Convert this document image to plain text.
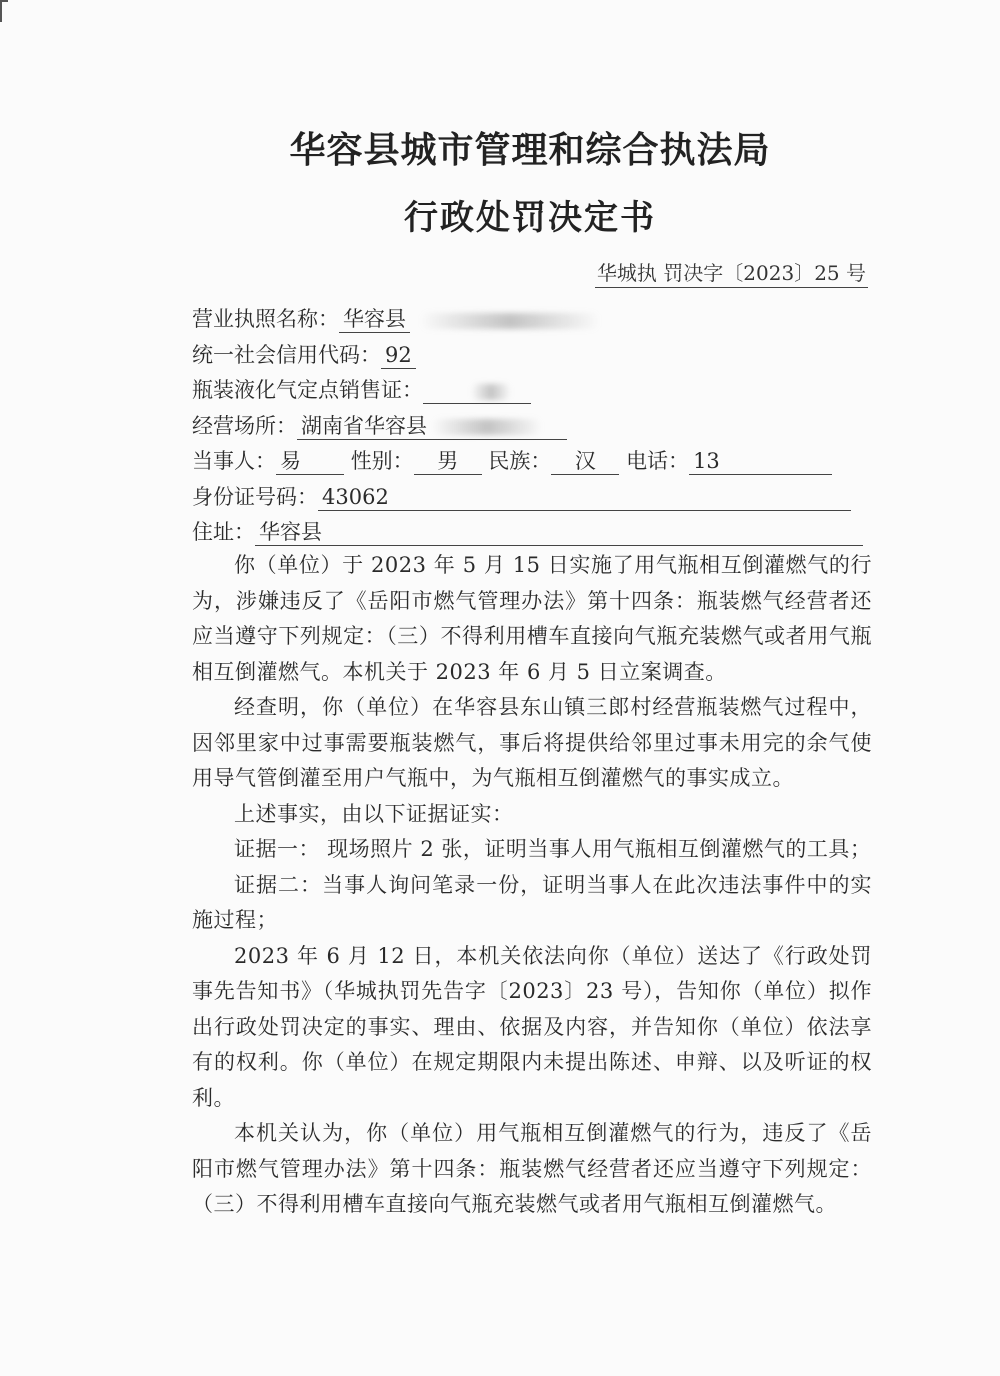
华容县城市管理和综合执法局
行政处罚决定书
华城执 罚决字〔2023〕25 号
营业执照名称： 华容县
统一社会信用代码： 92
瓶装液化气定点销售证：
经营场所： 湖南省华容县
当事人： 易 性别： 男 民族： 汉 电话： 13
身份证号码： 43062
住址： 华容县

你（单位）于 2023 年 5 月 15 日实施了用气瓶相互倒灌燃气的行为，涉嫌违反了《岳阳市燃气管理办法》第十四条：瓶装燃气经营者还应当遵守下列规定：（三）不得利用槽车直接向气瓶充装燃气或者用气瓶相互倒灌燃气。本机关于 2023 年 6 月 5 日立案调查。

经查明，你（单位）在华容县东山镇三郎村经营瓶装燃气过程中，因邻里家中过事需要瓶装燃气，事后将提供给邻里过事未用完的余气使用导气管倒灌至用户气瓶中，为气瓶相互倒灌燃气的事实成立。

上述事实，由以下证据证实：

证据一： 现场照片 2 张，证明当事人用气瓶相互倒灌燃气的工具；

证据二：当事人询问笔录一份，证明当事人在此次违法事件中的实施过程；

2023 年 6 月 12 日，本机关依法向你（单位）送达了《行政处罚事先告知书》（华城执罚先告字〔2023〕23 号），告知你（单位）拟作出行政处罚决定的事实、理由、依据及内容，并告知你（单位）依法享有的权利。你（单位）在规定期限内未提出陈述、申辩、以及听证的权利。

本机关认为，你（单位）用气瓶相互倒灌燃气的行为，违反了《岳阳市燃气管理办法》第十四条：瓶装燃气经营者还应当遵守下列规定：（三）不得利用槽车直接向气瓶充装燃气或者用气瓶相互倒灌燃气。
